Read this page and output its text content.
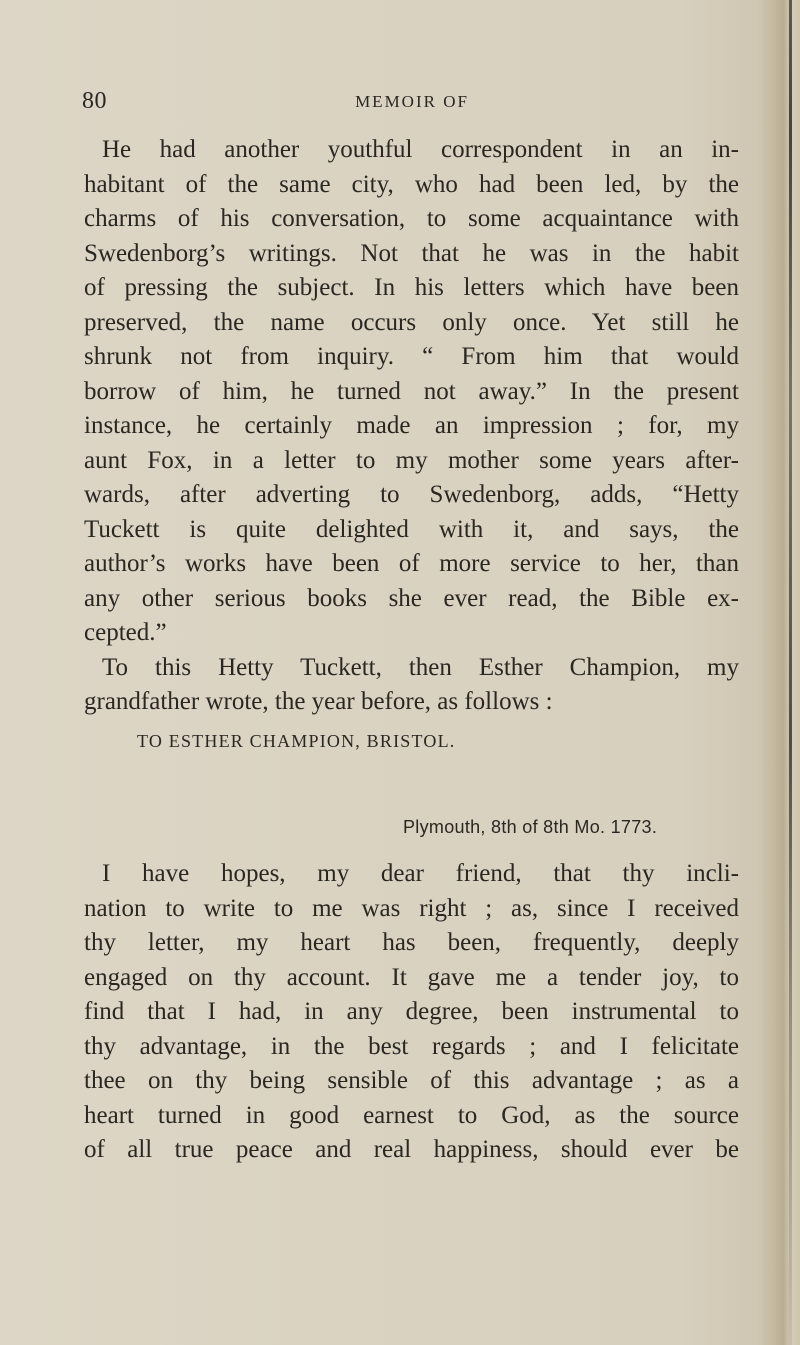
80	MEMOIR OF
He had another youthful correspondent in an in-
habitant of the same city, who had been led, by the
charms of his conversation, to some acquaintance with
Swedenborg’s writings. Not that he was in the habit
of pressing the subject. In his letters which have been
preserved, the name occurs only once. Yet still he
shrunk not from inquiry. “ From him that would
borrow of him, he turned not away.” In the present
instance, he certainly made an impression ; for, my
aunt Fox, in a letter to my mother some years after-
wards, after adverting to Swedenborg, adds, “Hetty
Tuckett is quite delighted with it, and says, the
author’s works have been of more service to her, than
any other serious books she ever read, the Bible ex-
cepted.”
To this Hetty Tuckett, then Esther Champion, my
grandfather wrote, the year before, as follows :
TO ESTHER CHAMPION, BRISTOL.
Plymouth, 8th of 8th Mo. 1773.
I have hopes, my dear friend, that thy incli-
nation to write to me was right ; as, since I received
thy letter, my heart has been, frequently, deeply
engaged on thy account. It gave me a tender joy, to
find that I had, in any degree, been instrumental to
thy advantage, in the best regards ; and I felicitate
thee on thy being sensible of this advantage ; as a
heart turned in good earnest to God, as the source
of all true peace and real happiness, should ever be
